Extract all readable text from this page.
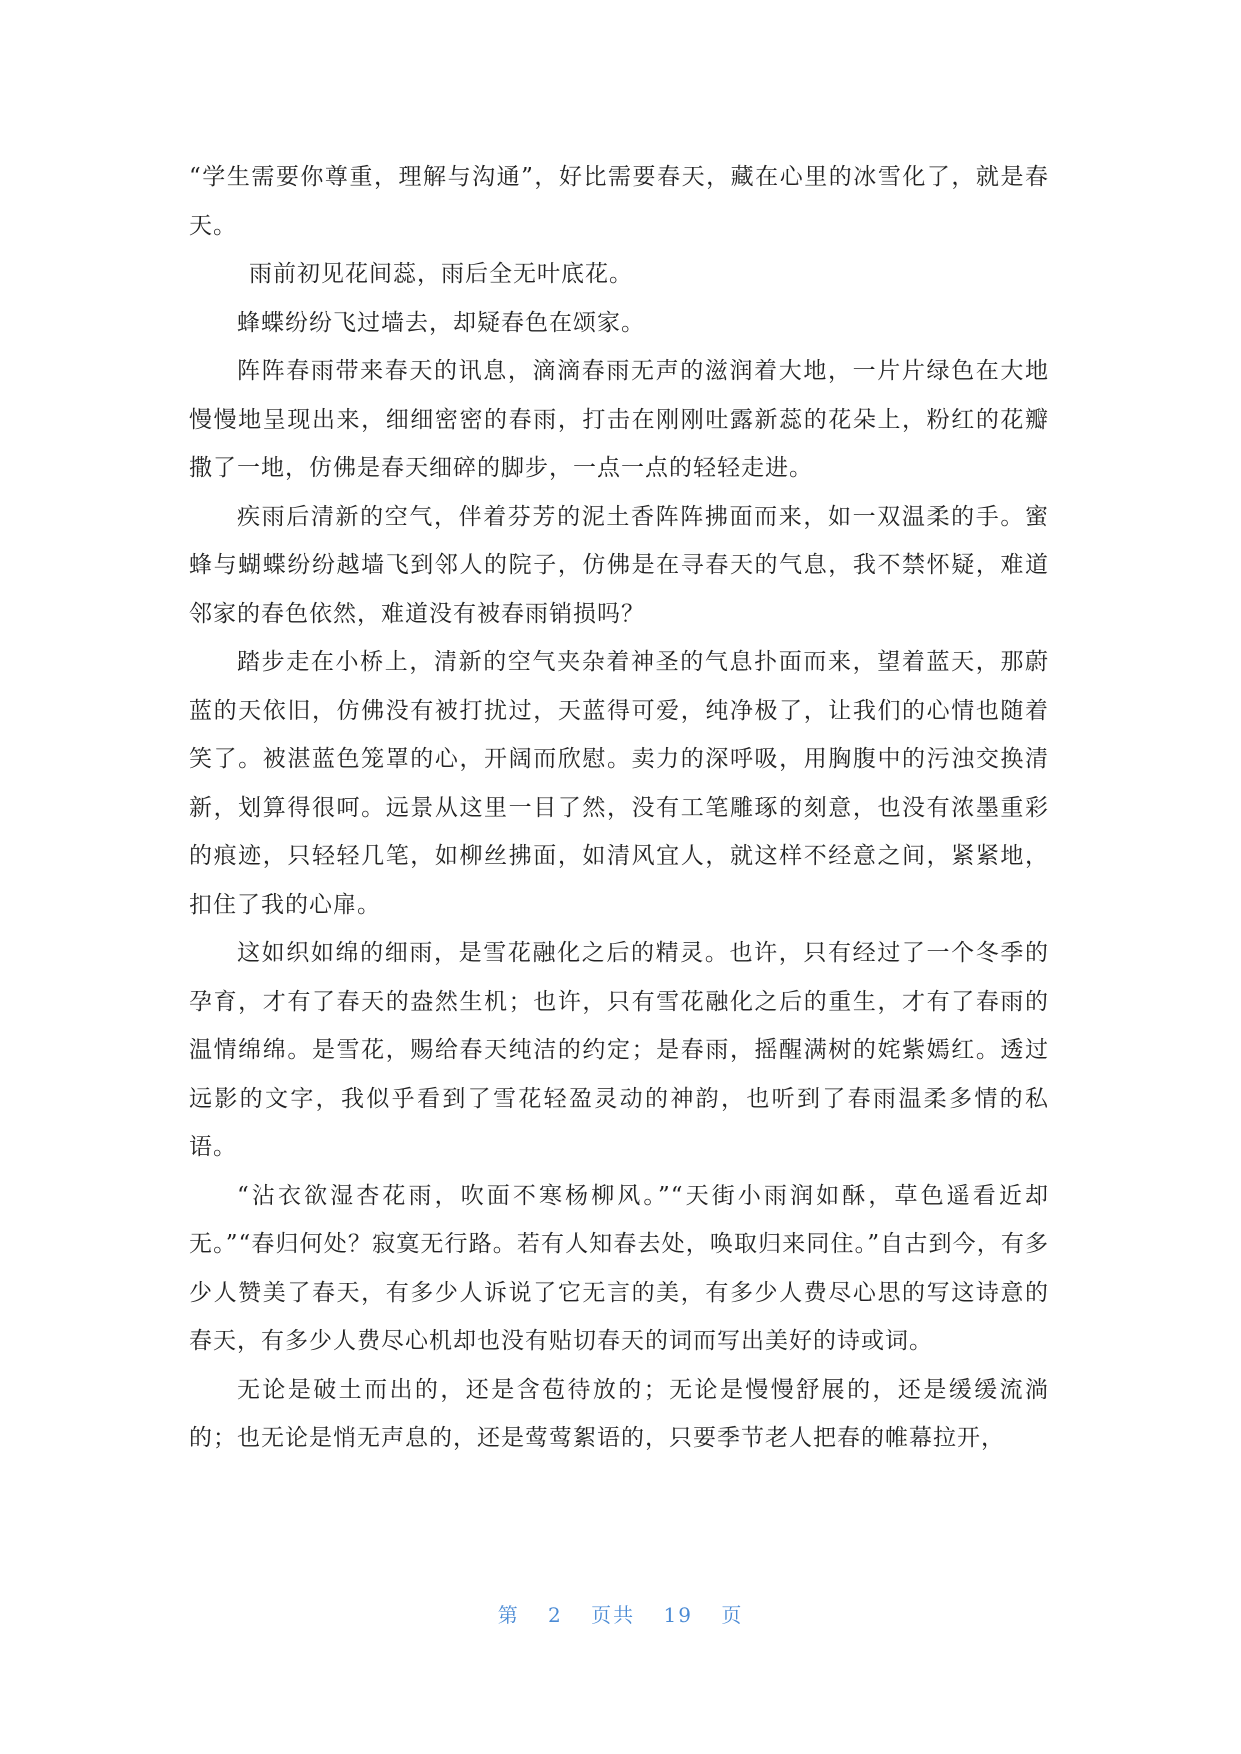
“学生需要你尊重，理解与沟通”，好比需要春天，藏在心里的冰雪化了，就是春天。

雨前初见花间蕊，雨后全无叶底花。

蜂蝶纷纷飞过墙去，却疑春色在颂家。

阵阵春雨带来春天的讯息，滴滴春雨无声的滋润着大地，一片片绿色在大地慢慢地呈现出来，细细密密的春雨，打击在刚刚吐露新蕊的花朵上，粉红的花瓣撒了一地，仿佛是春天细碎的脚步，一点一点的轻轻走进。

疾雨后清新的空气，伴着芬芳的泥土香阵阵拂面而来，如一双温柔的手。蜜蜂与蝴蝶纷纷越墙飞到邻人的院子，仿佛是在寻春天的气息，我不禁怀疑，难道邻家的春色依然，难道没有被春雨销损吗？

踏步走在小桥上，清新的空气夹杂着神圣的气息扑面而来，望着蓝天，那蔚蓝的天依旧，仿佛没有被打扰过，天蓝得可爱，纯净极了，让我们的心情也随着笑了。被湛蓝色笼罩的心，开阔而欣慰。卖力的深呼吸，用胸腹中的污浊交换清新，划算得很呵。远景从这里一目了然，没有工笔雕琢的刻意，也没有浓墨重彩的痕迹，只轻轻几笔，如柳丝拂面，如清风宜人，就这样不经意之间，紧紧地，扣住了我的心扉。

这如织如绵的细雨，是雪花融化之后的精灵。也许，只有经过了一个冬季的孕育，才有了春天的盎然生机；也许，只有雪花融化之后的重生，才有了春雨的温情绵绵。是雪花，赐给春天纯洁的约定；是春雨，摇醒满树的姹紫嫣红。透过远影的文字，我似乎看到了雪花轻盈灵动的神韵，也听到了春雨温柔多情的私语。

“沾衣欲湿杏花雨，吹面不寒杨柳风。”“天街小雨润如酥，草色遥看近却无。”“春归何处？寂寞无行路。若有人知春去处，唤取归来同住。”自古到今，有多少人赞美了春天，有多少人诉说了它无言的美，有多少人费尽心思的写这诗意的春天，有多少人费尽心机却也没有贴切春天的词而写出美好的诗或词。

无论是破土而出的，还是含苞待放的；无论是慢慢舒展的，还是缓缓流淌的；也无论是悄无声息的，还是莺莺絮语的，只要季节老人把春的帷幕拉开，

第 2 页共 19 页
